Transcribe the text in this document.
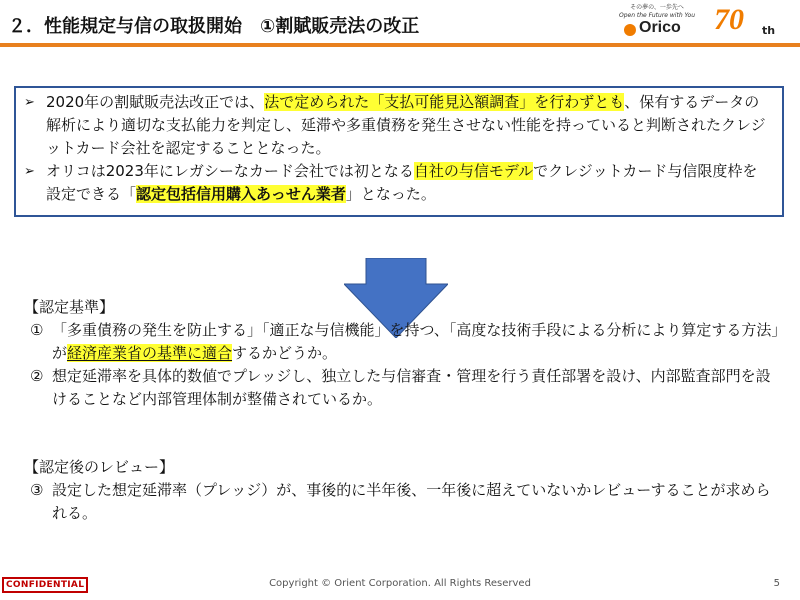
２．性能規定与信の取扱開始　①割賦販売法の改正
その夢の、一歩先へ
Open the Future with You
Orico 70 th
➢ 2020年の割賦販売法改正では、法で定められた「支払可能見込額調査」を行わずとも、保有するデータの解析により適切な支払能力を判定し、延滞や多重債務を発生させない性能を持っていると判断されたクレジットカード会社を認定することとなった。
➢ オリコは2023年にレガシーなカード会社では初となる自社の与信モデルでクレジットカード与信限度枠を設定できる「認定包括信用購入あっせん業者」となった。
【認定基準】
① 「多重債務の発生を防止する」「適正な与信機能」を持つ、「高度な技術手段による分析により算定する方法」が経済産業省の基準に適合するかどうか。
② 想定延滞率を具体的数値でプレッジし、独立した与信審査・管理を行う責任部署を設け、内部監査部門を設けることなど内部管理体制が整備されているか。
【認定後のレビュー】
③ 設定した想定延滞率（プレッジ）が、事後的に半年後、一年後に超えていないかレビューすることが求められる。
CONFIDENTIAL	Copyright © Orient Corporation. All Rights Reserved	5
